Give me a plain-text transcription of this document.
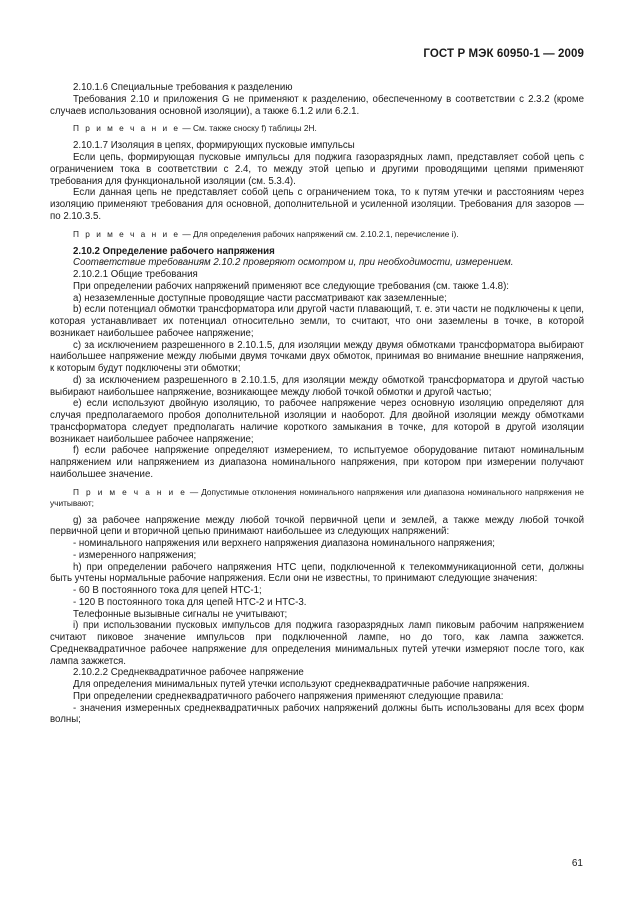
ГОСТ Р МЭК 60950-1 — 2009

2.10.1.6 Специальные требования к разделению

Требования 2.10 и приложения G не применяют к разделению, обеспеченному в соответствии с 2.3.2 (кроме случаев использования основной изоляции), а также 6.1.2 или 6.2.1.

П р и м е ч а н и е — См. также сноску f) таблицы 2Н.

2.10.1.7 Изоляция в цепях, формирующих пусковые импульсы

Если цепь, формирующая пусковые импульсы для поджига газоразрядных ламп, представляет собой цепь с ограничением тока в соответствии с 2.4, то между этой цепью и другими проводящими цепями применяют требования для функциональной изоляции (см. 5.3.4).

Если данная цепь не представляет собой цепь с ограничением тока, то к путям утечки и расстояниям через изоляцию применяют требования для основной, дополнительной и усиленной изоляции. Требования для зазоров — по 2.10.3.5.

П р и м е ч а н и е — Для определения рабочих напряжений см. 2.10.2.1, перечисление i).

2.10.2 Определение рабочего напряжения

Соответствие требованиям 2.10.2 проверяют осмотром и, при необходимости, измерением.

2.10.2.1 Общие требования

При определении рабочих напряжений применяют все следующие требования (см. также 1.4.8):

a) незаземленные доступные проводящие части рассматривают как заземленные;

b) если потенциал обмотки трансформатора или другой части плавающий, т. е. эти части не подключены к цепи, которая устанавливает их потенциал относительно земли, то считают, что они заземлены в точке, в которой возникает наибольшее рабочее напряжение;

c) за исключением разрешенного в 2.10.1.5, для изоляции между двумя обмотками трансформатора выбирают наибольшее напряжение между любыми двумя точками двух обмоток, принимая во внимание внешние напряжения, к которым будут подключены эти обмотки;

d) за исключением разрешенного в 2.10.1.5, для изоляции между обмоткой трансформатора и другой частью выбирают наибольшее напряжение, возникающее между любой точкой обмотки и другой частью;

e) если используют двойную изоляцию, то рабочее напряжение через основную изоляцию определяют для случая предполагаемого пробоя дополнительной изоляции и наоборот. Для двойной изоляции между обмотками трансформатора следует предполагать наличие короткого замыкания в точке, для которой в другой изоляции возникает наибольшее рабочее напряжение;

f) если рабочее напряжение определяют измерением, то испытуемое оборудование питают номинальным напряжением или напряжением из диапазона номинального напряжения, при котором при измерении получают наибольшее значение.

П р и м е ч а н и е — Допустимые отклонения номинального напряжения или диапазона номинального напряжения не учитывают;

g) за рабочее напряжение между любой точкой первичной цепи и землей, а также между любой точкой первичной цепи и вторичной цепью принимают наибольшее из следующих напряжений:

- номинального напряжения или верхнего напряжения диапазона номинального напряжения;

- измеренного напряжения;

h) при определении рабочего напряжения НТС цепи, подключенной к телекоммуникационной сети, должны быть учтены нормальные рабочие напряжения. Если они не известны, то принимают следующие значения:

- 60 В постоянного тока для цепей НТС-1;

- 120 В постоянного тока для цепей НТС-2 и НТС-3.

Телефонные вызывные сигналы не учитывают;

i) при использовании пусковых импульсов для поджига газоразрядных ламп пиковым рабочим напряжением считают пиковое значение импульсов при подключенной лампе, но до того, как лампа зажжется. Среднеквадратичное рабочее напряжение для определения минимальных путей утечки измеряют после того, как лампа зажжется.

2.10.2.2 Среднеквадратичное рабочее напряжение

Для определения минимальных путей утечки используют среднеквадратичные рабочие напряжения.

При определении среднеквадратичного рабочего напряжения применяют следующие правила:

- значения измеренных среднеквадратичных рабочих напряжений должны быть использованы для всех форм волны;

61
